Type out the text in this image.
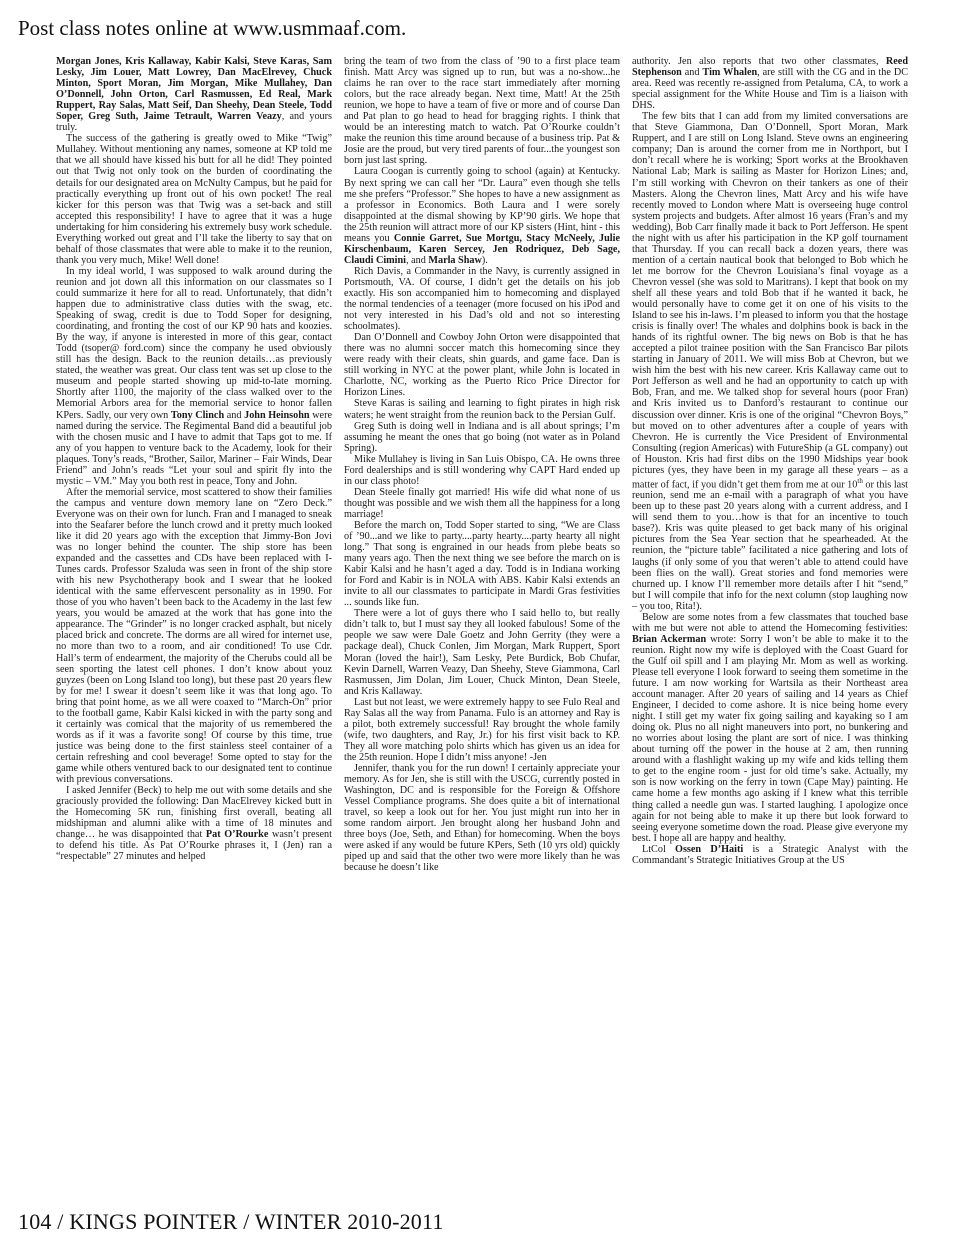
Post class notes online at www.usmmaaf.com.

Morgan Jones, Kris Kallaway, Kabir Kalsi, Steve Karas, Sam Lesky, Jim Louer, Matt Lowrey, Dan MacElrevey, Chuck Minton, Sport Moran, Jim Morgan, Mike Mullahey, Dan O’Donnell, John Orton, Carl Rasmussen, Ed Real, Mark Ruppert, Ray Salas, Matt Seif, Dan Sheehy, Dean Steele, Todd Soper, Greg Suth, Jaime Tetrault, Warren Veazy, and yours truly.

The success of the gathering is greatly owed to Mike “Twig” Mullahey. Without mentioning any names, someone at KP told me that we all should have kissed his butt for all he did! They pointed out that Twig not only took on the burden of coordinating the details for our designated area on McNulty Campus, but he paid for practically everything up front out of his own pocket! The real kicker for this person was that Twig was a set-back and still accepted this responsibility! I have to agree that it was a huge undertaking for him considering his extremely busy work schedule. Everything worked out great and I’ll take the liberty to say that on behalf of those classmates that were able to make it to the reunion, thank you very much, Mike! Well done!

In my ideal world, I was supposed to walk around during the reunion and jot down all this information on our classmates so I could summarize it here for all to read. Unfortunately, that didn’t happen due to administrative class duties with the swag, etc. Speaking of swag, credit is due to Todd Soper for designing, coordinating, and fronting the cost of our KP 90 hats and koozies. By the way, if anyone is interested in more of this gear, contact Todd (tsoper@ ford.com) since the company he used obviously still has the design. Back to the reunion details…as previously stated, the weather was great. Our class tent was set up close to the museum and people started showing up mid-to-late morning. Shortly after 1100, the majority of the class walked over to the Memorial Arbors area for the memorial service to honor fallen KPers. Sadly, our very own Tony Clinch and John Heinsohn were named during the service. The Regimental Band did a beautiful job with the chosen music and I have to admit that Taps got to me. If any of you happen to venture back to the Academy, look for their plaques. Tony’s reads, “Brother, Sailor, Mariner – Fair Winds, Dear Friend” and John’s reads “Let your soul and spirit fly into the mystic – VM.” May you both rest in peace, Tony and John.

After the memorial service, most scattered to show their families the campus and venture down memory lane on “Zero Deck.” Everyone was on their own for lunch. Fran and I managed to sneak into the Seafarer before the lunch crowd and it pretty much looked like it did 20 years ago with the exception that Jimmy-Bon Jovi was no longer behind the counter. The ship store has been expanded and the cassettes and CDs have been replaced with I-Tunes cards. Professor Szaluda was seen in front of the ship store with his new Psychotherapy book and I swear that he looked identical with the same effervescent personality as in 1990. For those of you who haven’t been back to the Academy in the last few years, you would be amazed at the work that has gone into the appearance. The “Grinder” is no longer cracked asphalt, but nicely placed brick and concrete. The dorms are all wired for internet use, no more than two to a room, and air conditioned! To use Cdr. Hall’s term of endearment, the majority of the Cherubs could all be seen sporting the latest cell phones. I don’t know about youz guyzes (been on Long Island too long), but these past 20 years flew by for me! I swear it doesn’t seem like it was that long ago. To bring that point home, as we all were coaxed to “March-On” prior to the football game, Kabir Kalsi kicked in with the party song and it certainly was comical that the majority of us remembered the words as if it was a favorite song! Of course by this time, true justice was being done to the first stainless steel container of a certain refreshing and cool beverage! Some opted to stay for the game while others ventured back to our designated tent to continue with previous conversations.

I asked Jennifer (Beck) to help me out with some details and she graciously provided the following: Dan MacElrevey kicked butt in the Homecoming 5K run, finishing first overall, beating all midshipman and alumni alike with a time of 18 minutes and change… he was disappointed that Pat O’Rourke wasn’t present to defend his title. As Pat O’Rourke phrases it, I (Jen) ran a “respectable” 27 minutes and helped

bring the team of two from the class of ’90 to a first place team finish. Matt Arcy was signed up to run, but was a no-show...he claims he ran over to the race start immediately after morning colors, but the race already began. Next time, Matt! At the 25th reunion, we hope to have a team of five or more and of course Dan and Pat plan to go head to head for bragging rights. I think that would be an interesting match to watch. Pat O’Rourke couldn’t make the reunion this time around because of a business trip. Pat & Josie are the proud, but very tired parents of four...the youngest son born just last spring.

Laura Coogan is currently going to school (again) at Kentucky. By next spring we can call her “Dr. Laura” even though she tells me she prefers “Professor.” She hopes to have a new assignment as a professor in Economics. Both Laura and I were sorely disappointed at the dismal showing by KP’90 girls. We hope that the 25th reunion will attract more of our KP sisters (Hint, hint - this means you Connie Garret, Sue Mortgu, Stacy McNeely, Julie Kirschenbaum, Karen Sercey, Jen Rodriquez, Deb Sage, Claudi Cimini, and Marla Shaw).

Rich Davis, a Commander in the Navy, is currently assigned in Portsmouth, VA. Of course, I didn’t get the details on his job exactly. His son accompanied him to homecoming and displayed the normal tendencies of a teenager (more focused on his iPod and not very interested in his Dad’s old and not so interesting schoolmates).

Dan O’Donnell and Cowboy John Orton were disappointed that there was no alumni soccer match this homecoming since they were ready with their cleats, shin guards, and game face. Dan is still working in NYC at the power plant, while John is located in Charlotte, NC, working as the Puerto Rico Price Director for Horizon Lines.

Steve Karas is sailing and learning to fight pirates in high risk waters; he went straight from the reunion back to the Persian Gulf.

Greg Suth is doing well in Indiana and is all about springs; I’m assuming he meant the ones that go boing (not water as in Poland Spring).

Mike Mullahey is living in San Luis Obispo, CA. He owns three Ford dealerships and is still wondering why CAPT Hard ended up in our class photo!

Dean Steele finally got married! His wife did what none of us thought was possible and we wish them all the happiness for a long marriage!

Before the march on, Todd Soper started to sing, “We are Class of ’90...and we like to party....party hearty....party hearty all night long.” That song is engrained in our heads from plebe beats so many years ago. Then the next thing we see before the march on is Kabir Kalsi and he hasn’t aged a day. Todd is in Indiana working for Ford and Kabir is in NOLA with ABS. Kabir Kalsi extends an invite to all our classmates to participate in Mardi Gras festivities ... sounds like fun.

There were a lot of guys there who I said hello to, but really didn’t talk to, but I must say they all looked fabulous! Some of the people we saw were Dale Goetz and John Gerrity (they were a package deal), Chuck Conlen, Jim Morgan, Mark Ruppert, Sport Moran (loved the hair!), Sam Lesky, Pete Burdick, Bob Chufar, Kevin Darnell, Warren Veazy, Dan Sheehy, Steve Giammona, Carl Rasmussen, Jim Dolan, Jim Louer, Chuck Minton, Dean Steele, and Kris Kallaway.

Last but not least, we were extremely happy to see Fulo Real and Ray Salas all the way from Panama. Fulo is an attorney and Ray is a pilot, both extremely successful! Ray brought the whole family (wife, two daughters, and Ray, Jr.) for his first visit back to KP. They all wore matching polo shirts which has given us an idea for the 25th reunion. Hope I didn’t miss anyone! -Jen

Jennifer, thank you for the run down! I certainly appreciate your memory. As for Jen, she is still with the USCG, currently posted in Washington, DC and is responsible for the Foreign & Offshore Vessel Compliance programs. She does quite a bit of international travel, so keep a look out for her. You just might run into her in some random airport. Jen brought along her husband John and three boys (Joe, Seth, and Ethan) for homecoming. When the boys were asked if any would be future KPers, Seth (10 yrs old) quickly piped up and said that the other two were more likely than he was because he doesn’t like

authority. Jen also reports that two other classmates, Reed Stephenson and Tim Whalen, are still with the CG and in the DC area. Reed was recently re-assigned from Petaluma, CA, to work a special assignment for the White House and Tim is a liaison with DHS.

The few bits that I can add from my limited conversations are that Steve Giammona, Dan O’Donnell, Sport Moran, Mark Ruppert, and I are still on Long Island. Steve owns an engineering company; Dan is around the corner from me in Northport, but I don’t recall where he is working; Sport works at the Brookhaven National Lab; Mark is sailing as Master for Horizon Lines; and, I’m still working with Chevron on their tankers as one of their Masters. Along the Chevron lines, Matt Arcy and his wife have recently moved to London where Matt is overseeing huge control system projects and budgets. After almost 16 years (Fran’s and my wedding), Bob Carr finally made it back to Port Jefferson. He spent the night with us after his participation in the KP golf tournament that Thursday. If you can recall back a dozen years, there was mention of a certain nautical book that belonged to Bob which he let me borrow for the Chevron Louisiana’s final voyage as a Chevron vessel (she was sold to Maritrans). I kept that book on my shelf all these years and told Bob that if he wanted it back, he would personally have to come get it on one of his visits to the Island to see his in-laws. I’m pleased to inform you that the hostage crisis is finally over! The whales and dolphins book is back in the hands of its rightful owner. The big news on Bob is that he has accepted a pilot trainee position with the San Francisco Bar pilots starting in January of 2011. We will miss Bob at Chevron, but we wish him the best with his new career. Kris Kallaway came out to Port Jefferson as well and he had an opportunity to catch up with Bob, Fran, and me. We talked shop for several hours (poor Fran) and Kris invited us to Danford’s restaurant to continue our discussion over dinner. Kris is one of the original “Chevron Boys,” but moved on to other adventures after a couple of years with Chevron. He is currently the Vice President of Environmental Consulting (region Americas) with FutureShip (a GL company) out of Houston. Kris had first dibs on the 1990 Midships year book pictures (yes, they have been in my garage all these years – as a matter of fact, if you didn’t get them from me at our 10th or this last reunion, send me an e-mail with a paragraph of what you have been up to these past 20 years along with a current address, and I will send them to you…how is that for an incentive to touch base?). Kris was quite pleased to get back many of his original pictures from the Sea Year section that he spearheaded. At the reunion, the “picture table” facilitated a nice gathering and lots of laughs (if only some of you that weren’t able to attend could have been flies on the wall). Great stories and fond memories were churned up. I know I’ll remember more details after I hit “send,” but I will compile that info for the next column (stop laughing now – you too, Rita!).

Below are some notes from a few classmates that touched base with me but were not able to attend the Homecoming festivities: Brian Ackerman wrote: Sorry I won’t be able to make it to the reunion. Right now my wife is deployed with the Coast Guard for the Gulf oil spill and I am playing Mr. Mom as well as working. Please tell everyone I look forward to seeing them sometime in the future. I am now working for Wartsila as their Northeast area account manager. After 20 years of sailing and 14 years as Chief Engineer, I decided to come ashore. It is nice being home every night. I still get my water fix going sailing and kayaking so I am doing ok. Plus no all night maneuvers into port, no bunkering and no worries about losing the plant are sort of nice. I was thinking about turning off the power in the house at 2 am, then running around with a flashlight waking up my wife and kids telling them to get to the engine room - just for old time’s sake. Actually, my son is now working on the ferry in town (Cape May) painting. He came home a few months ago asking if I knew what this terrible thing called a needle gun was. I started laughing. I apologize once again for not being able to make it up there but look forward to seeing everyone sometime down the road. Please give everyone my best. I hope all are happy and healthy.

LtCol Ossen D’Haiti is a Strategic Analyst with the Commandant’s Strategic Initiatives Group at the US

104 / KINGS POINTER / WINTER 2010-2011
